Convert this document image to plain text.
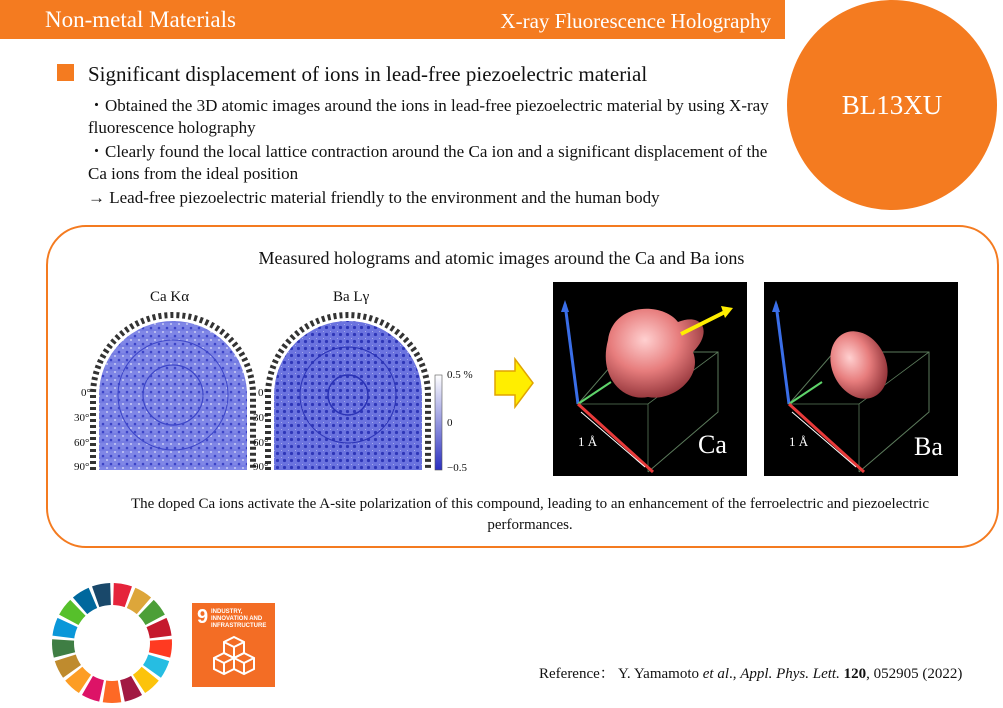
Non-metal Materials	X-ray Fluorescence Holography
BL13XU
Significant displacement of ions in lead-free piezoelectric material
・Obtained the 3D atomic images around the ions in lead-free piezoelectric material by using X-ray fluorescence holography
・Clearly found the local lattice contraction around the Ca ion and a significant displacement of the Ca ions from the ideal position
→ Lead-free piezoelectric material friendly to the environment and the human body
Measured holograms and atomic images around the Ca and Ba ions
Ca Kα	Ba Lγ
0°
30°
60°
90°
0°
30°
60°
90°
0.5 %
0
−0.5
1 Å	Ca	1 Å	Ba
The doped Ca ions activate the A-site polarization of this compound, leading to an enhancement of the ferroelectric and piezoelectric performances.
9 INDUSTRY, INNOVATION AND INFRASTRUCTURE
Reference： Y. Yamamoto et al., Appl. Phys. Lett. 120, 052905 (2022)
